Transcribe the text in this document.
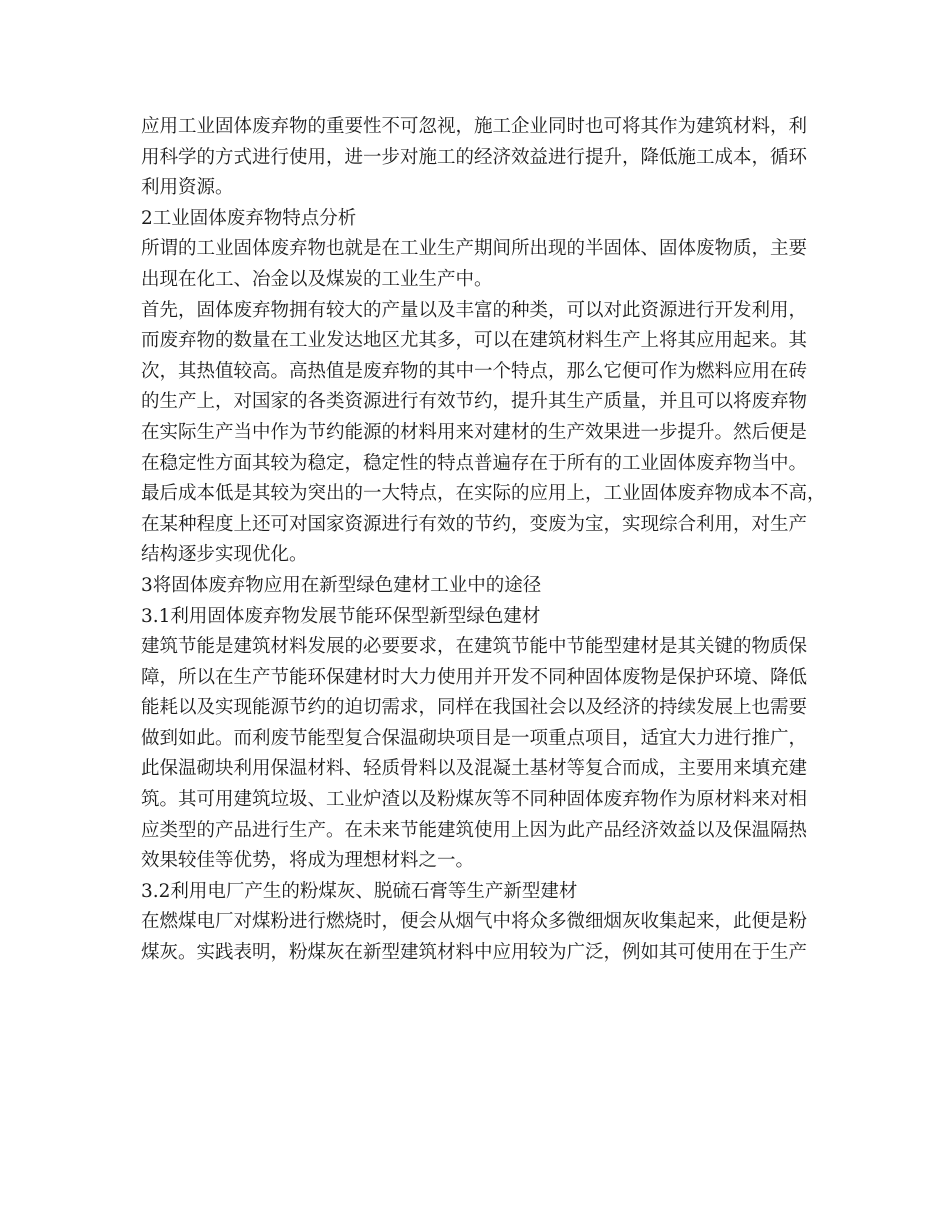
应用工业固体废弃物的重要性不可忽视，施工企业同时也可将其作为建筑材料，利
用科学的方式进行使用，进一步对施工的经济效益进行提升，降低施工成本，循环
利用资源。
2工业固体废弃物特点分析
所谓的工业固体废弃物也就是在工业生产期间所出现的半固体、固体废物质，主要
出现在化工、冶金以及煤炭的工业生产中。
首先，固体废弃物拥有较大的产量以及丰富的种类，可以对此资源进行开发利用，
而废弃物的数量在工业发达地区尤其多，可以在建筑材料生产上将其应用起来。其
次，其热值较高。高热值是废弃物的其中一个特点，那么它便可作为燃料应用在砖
的生产上，对国家的各类资源进行有效节约，提升其生产质量，并且可以将废弃物
在实际生产当中作为节约能源的材料用来对建材的生产效果进一步提升。然后便是
在稳定性方面其较为稳定，稳定性的特点普遍存在于所有的工业固体废弃物当中。
最后成本低是其较为突出的一大特点，在实际的应用上，工业固体废弃物成本不高，
在某种程度上还可对国家资源进行有效的节约，变废为宝，实现综合利用，对生产
结构逐步实现优化。
3将固体废弃物应用在新型绿色建材工业中的途径
3.1利用固体废弃物发展节能环保型新型绿色建材
建筑节能是建筑材料发展的必要要求，在建筑节能中节能型建材是其关键的物质保
障，所以在生产节能环保建材时大力使用并开发不同种固体废物是保护环境、降低
能耗以及实现能源节约的迫切需求，同样在我国社会以及经济的持续发展上也需要
做到如此。而利废节能型复合保温砌块项目是一项重点项目，适宜大力进行推广，
此保温砌块利用保温材料、轻质骨料以及混凝土基材等复合而成，主要用来填充建
筑。其可用建筑垃圾、工业炉渣以及粉煤灰等不同种固体废弃物作为原材料来对相
应类型的产品进行生产。在未来节能建筑使用上因为此产品经济效益以及保温隔热
效果较佳等优势，将成为理想材料之一。
3.2利用电厂产生的粉煤灰、脱硫石膏等生产新型建材
在燃煤电厂对煤粉进行燃烧时，便会从烟气中将众多微细烟灰收集起来，此便是粉
煤灰。实践表明，粉煤灰在新型建筑材料中应用较为广泛，例如其可使用在于生产
